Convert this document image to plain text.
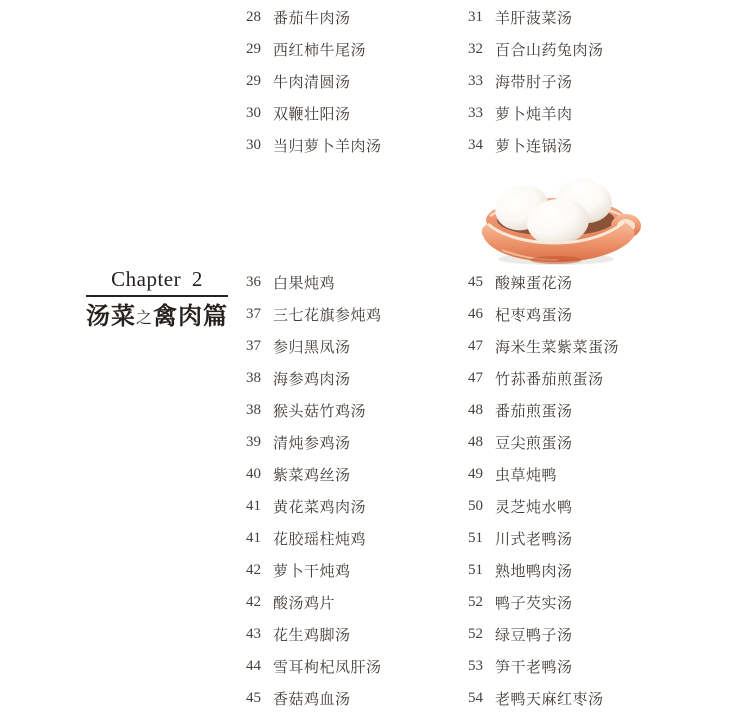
28 番茄牛肉汤
29 西红柿牛尾汤
29 牛肉清圆汤
30 双鞭壮阳汤
30 当归萝卜羊肉汤
31 羊肝菠菜汤
32 百合山药兔肉汤
33 海带肘子汤
33 萝卜炖羊肉
34 萝卜连锅汤
Chapter 2
汤菜之禽肉篇
36 白果炖鸡
37 三七花旗参炖鸡
37 参归黑凤汤
38 海参鸡肉汤
38 猴头菇竹鸡汤
39 清炖参鸡汤
40 紫菜鸡丝汤
41 黄花菜鸡肉汤
41 花胶瑶柱炖鸡
42 萝卜干炖鸡
42 酸汤鸡片
43 花生鸡脚汤
44 雪耳枸杞凤肝汤
45 香菇鸡血汤
45 酸辣蛋花汤
46 杞枣鸡蛋汤
47 海米生菜紫菜蛋汤
47 竹荪番茄煎蛋汤
48 番茄煎蛋汤
48 豆尖煎蛋汤
49 虫草炖鸭
50 灵芝炖水鸭
51 川式老鸭汤
51 熟地鸭肉汤
52 鸭子芡实汤
52 绿豆鸭子汤
53 笋干老鸭汤
54 老鸭天麻红枣汤
